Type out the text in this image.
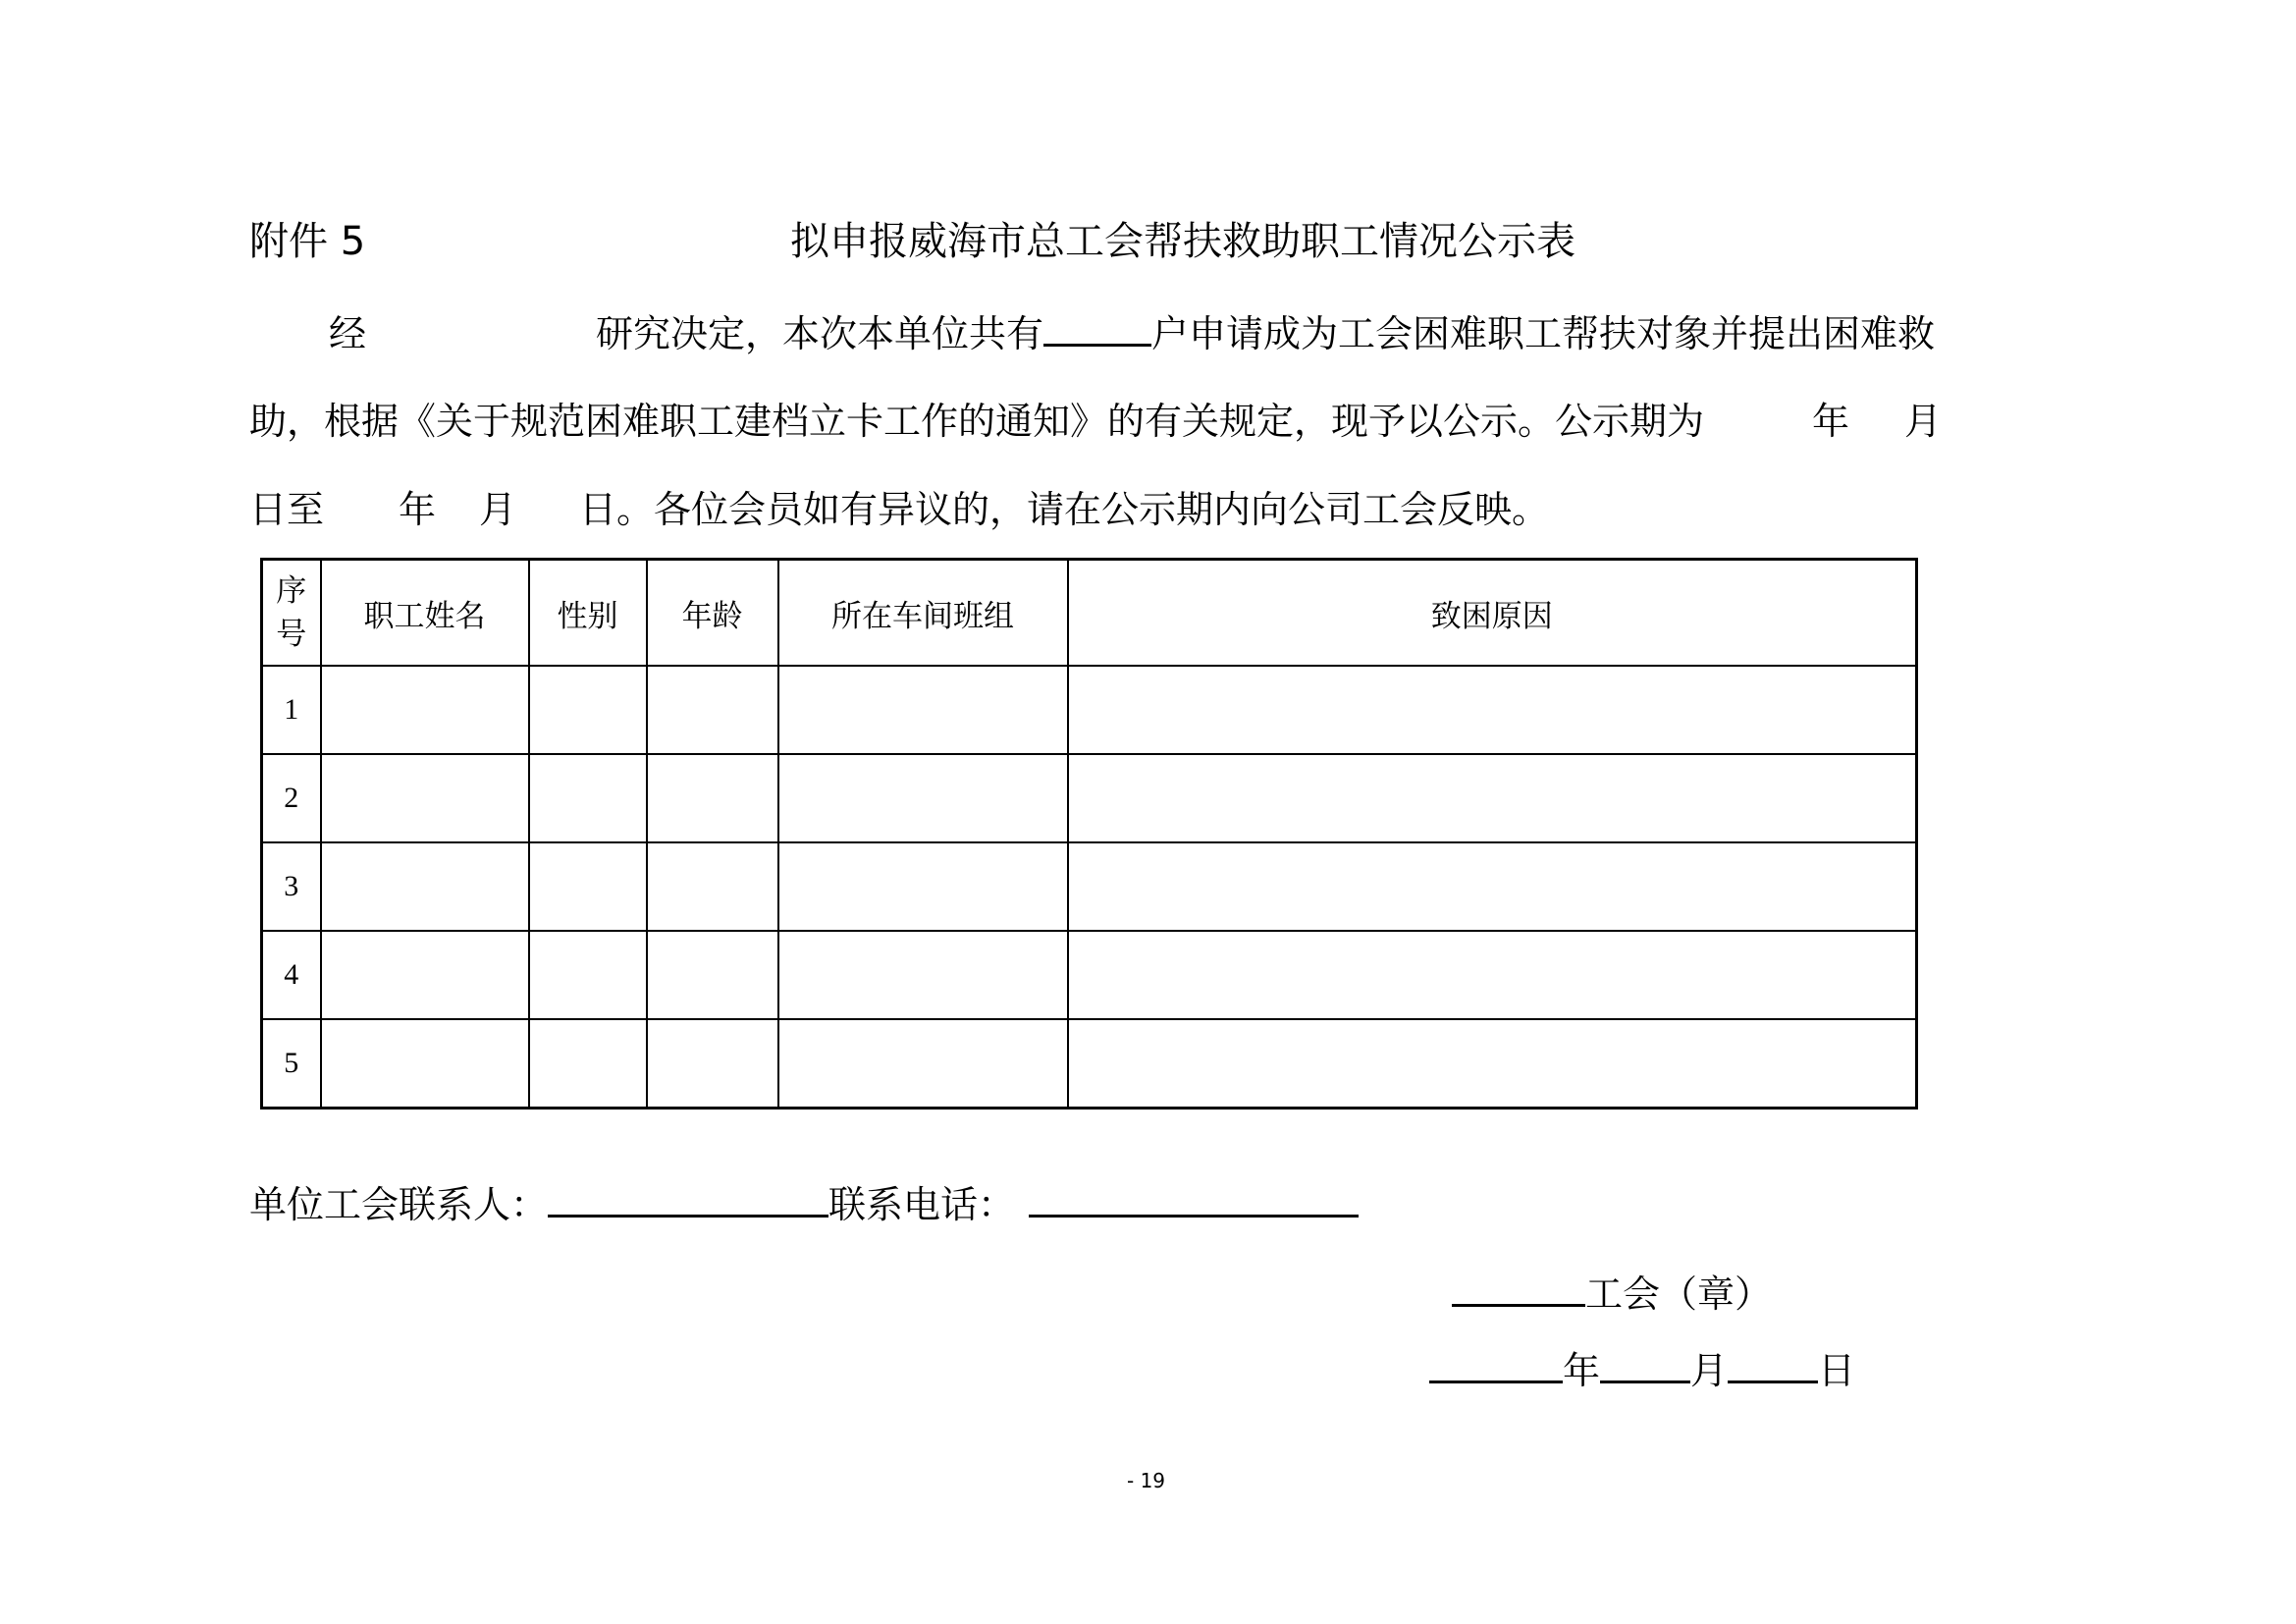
附件 5	拟申报威海市总工会帮扶救助职工情况公示表
经	研究决定，本次本单位共有	户申请成为工会困难职工帮扶对象并提出困难救
助，根据《关于规范困难职工建档立卡工作的通知》的有关规定，现予以公示。公示期为	年 月
日至 年 月 日。各位会员如有异议的，请在公示期内向公司工会反映。
序
号	职工姓名	性别	年龄	所在车间班组	致困原因
1					
2					
3					
4					
5					
单位工会联系人：	联系电话：
工会（章）
年 月 日
- 19
